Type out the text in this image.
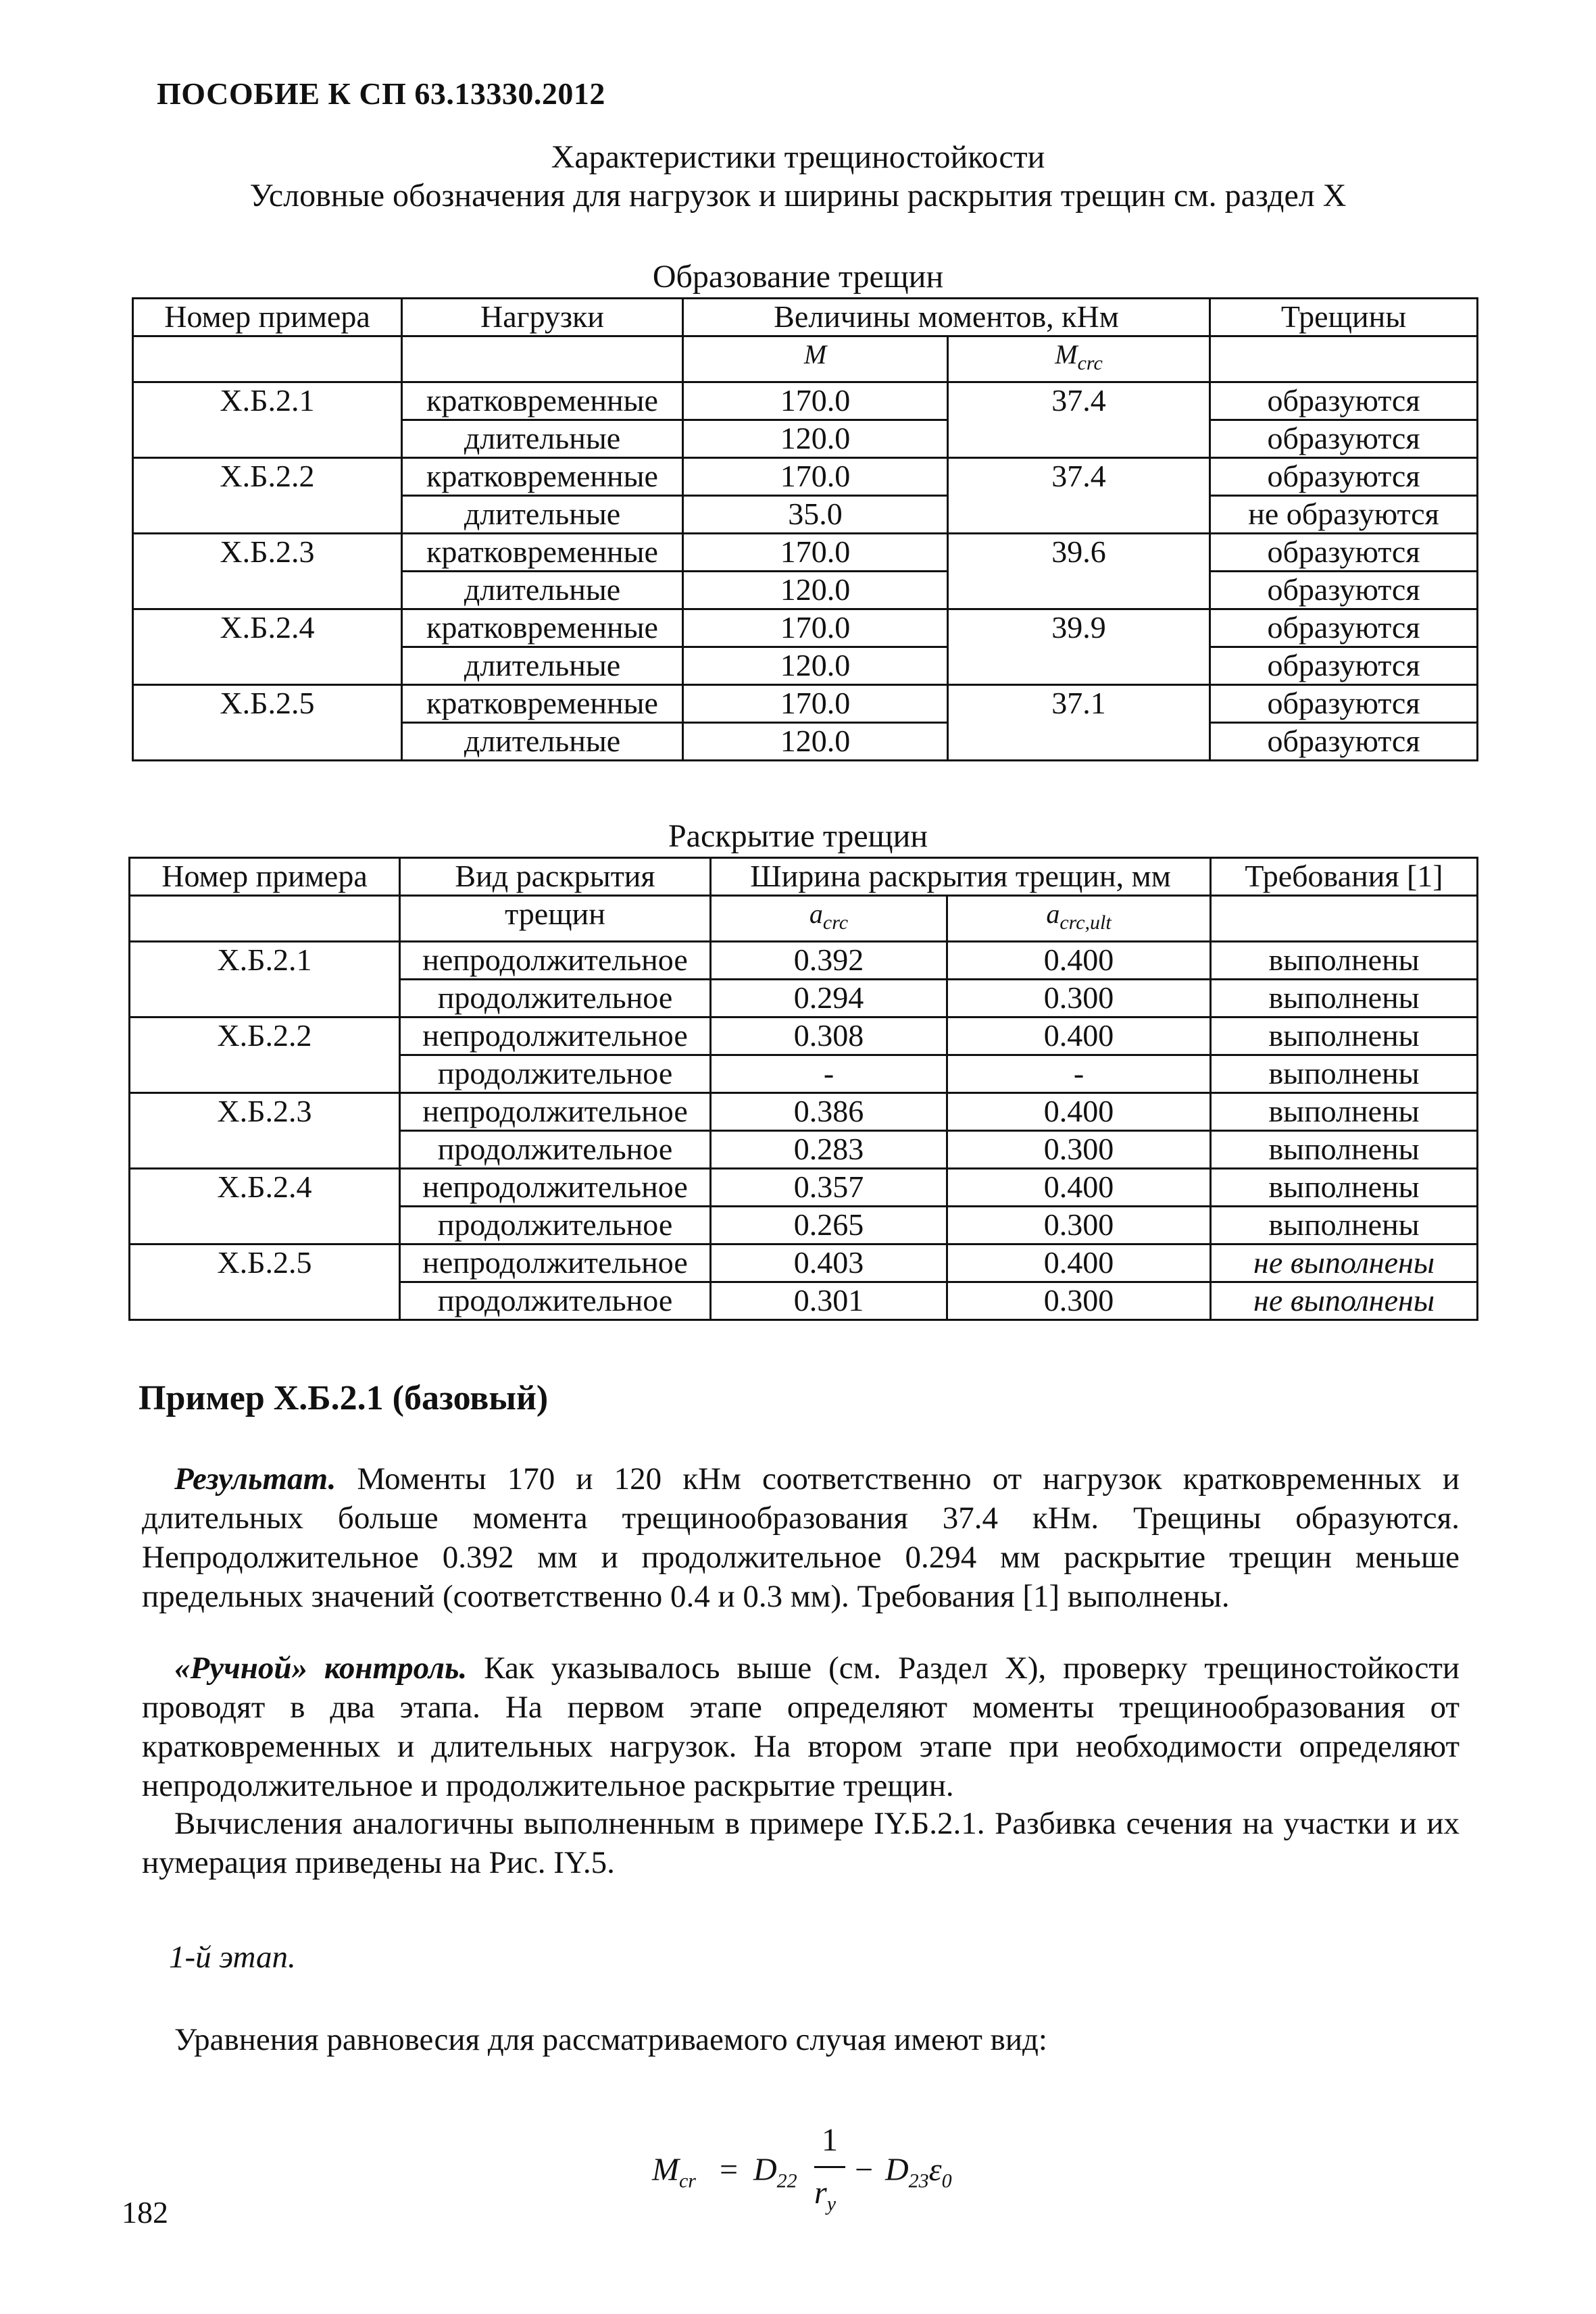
ПОСОБИЕ К СП 63.13330.2012
Характеристики трещиностойкости
Условные обозначения для нагрузок и ширины раскрытия трещин см. раздел X
Образование трещин
Номер примера	Нагрузки	Величины моментов, кНм		Трещины
		M	$M_{crc}$	
Х.Б.2.1	кратковременные	170.0	37.4	образуются
	длительные	120.0		образуются
Х.Б.2.2	кратковременные	170.0	37.4	образуются
	длительные	35.0		не образуются
Х.Б.2.3	кратковременные	170.0	39.6	образуются
	длительные	120.0		образуются
Х.Б.2.4	кратковременные	170.0	39.9	образуются
	длительные	120.0		образуются
Х.Б.2.5	кратковременные	170.0	37.1	образуются
	длительные	120.0		образуются
Раскрытие трещин
Номер примера	Вид раскрытия	Ширина раскрытия трещин, мм		Требования [1]
	трещин	$a_{crc}$	$a_{crc,ult}$	
Х.Б.2.1	непродолжительное	0.392	0.400	выполнены
	продолжительное	0.294	0.300	выполнены
Х.Б.2.2	непродолжительное	0.308	0.400	выполнены
	продолжительное	-	-	выполнены
Х.Б.2.3	непродолжительное	0.386	0.400	выполнены
	продолжительное	0.283	0.300	выполнены
Х.Б.2.4	непродолжительное	0.357	0.400	выполнены
	продолжительное	0.265	0.300	выполнены
Х.Б.2.5	непродолжительное	0.403	0.400	не выполнены
	продолжительное	0.301	0.300	не выполнены
Пример Х.Б.2.1 (базовый)
Результат. Моменты 170 и 120 кНм соответственно от нагрузок кратковременных и длительных больше момента трещинообразования 37.4 кНм. Трещины образуются. Непродолжительное 0.392 мм и продолжительное 0.294 мм раскрытие трещин меньше предельных значений (соответственно 0.4 и 0.3 мм). Требования [1] выполнены.
«Ручной» контроль. Как указывалось выше (см. Раздел X), проверку трещиностойкости проводят в два этапа. На первом этапе определяют моменты трещинообразования от кратковременных и длительных нагрузок. На втором этапе при необходимости определяют непродолжительное и продолжительное раскрытие трещин.
Вычисления аналогичны выполненным в примере IY.Б.2.1. Разбивка сечения на участки и их нумерация приведены на Рис. IY.5.
1-й этап.
Уравнения равновесия для рассматриваемого случая имеют вид:
$M_{cr} = D_{22}$
1
$r_y$
− $D_{23}\varepsilon_0$
182
